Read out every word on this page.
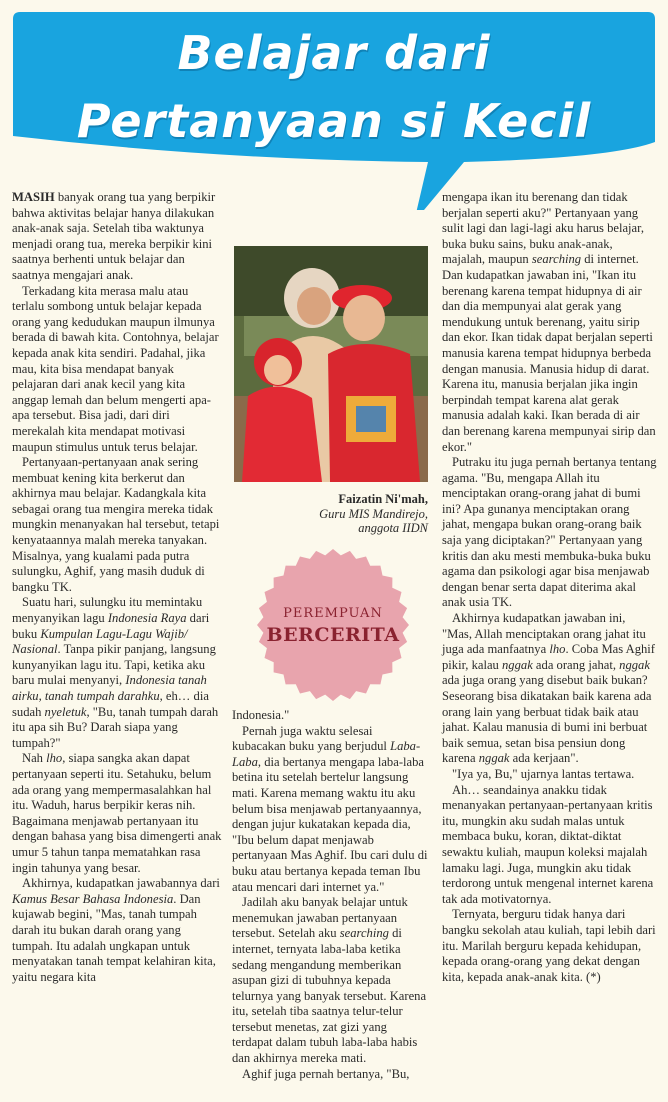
Belajar dari
Pertanyaan si Kecil

MASIH banyak orang tua yang berpikir bahwa aktivitas belajar hanya dilakukan anak-anak saja. Setelah tiba waktunya menjadi orang tua, mereka berpikir kini saatnya berhenti untuk belajar dan saatnya mengajari anak.

Terkadang kita merasa malu atau terlalu sombong untuk belajar kepada orang yang kedudukan maupun ilmunya berada di bawah kita. Contohnya, belajar kepada anak kita sendiri. Padahal, jika mau, kita bisa mendapat banyak pelajaran dari anak kecil yang kita anggap lemah dan belum mengerti apa-apa tersebut. Bisa jadi, dari diri merekalah kita mendapat motivasi maupun stimulus untuk terus belajar.

Pertanyaan-pertanyaan anak sering membuat kening kita berkerut dan akhirnya mau belajar. Kadangkala kita sebagai orang tua mengira mereka tidak mungkin menanyakan hal tersebut, tetapi kenyataannya malah mereka tanyakan. Misalnya, yang kualami pada putra sulungku, Aghif, yang masih duduk di bangku TK.

Suatu hari, sulungku itu memintaku menyanyikan lagu Indonesia Raya dari buku Kumpulan Lagu-Lagu Wajib/ Nasional. Tanpa pikir panjang, langsung kunyanyikan lagu itu. Tapi, ketika aku baru mulai menyanyi, Indonesia tanah airku, tanah tumpah darahku, eh… dia sudah nyeletuk, "Bu, tanah tumpah darah itu apa sih Bu? Darah siapa yang tumpah?"

Nah lho, siapa sangka akan dapat pertanyaan seperti itu. Setahuku, belum ada orang yang mempermasalahkan hal itu. Waduh, harus berpikir keras nih. Bagaimana menjawab pertanyaan itu dengan bahasa yang bisa dimengerti anak umur 5 tahun tanpa mematahkan rasa ingin tahunya yang besar.

Akhirnya, kudapatkan jawabannya dari Kamus Besar Bahasa Indonesia. Dan kujawab begini, "Mas, tanah tumpah darah itu bukan darah orang yang tumpah. Itu adalah ungkapan untuk menyatakan tanah tempat kelahiran kita, yaitu negara kita

Faizatin Ni'mah,
Guru MIS Mandirejo,
anggota IIDN
PEREMPUAN
BERCERITA

Indonesia."

Pernah juga waktu selesai kubacakan buku yang berjudul Laba-Laba, dia bertanya mengapa laba-laba betina itu setelah bertelur langsung mati. Karena memang waktu itu aku belum bisa menjawab pertanyaannya, dengan jujur kukatakan kepada dia, "Ibu belum dapat menjawab pertanyaan Mas Aghif. Ibu cari dulu di buku atau bertanya kepada teman Ibu atau mencari dari internet ya."

Jadilah aku banyak belajar untuk menemukan jawaban pertanyaan tersebut. Setelah aku searching di internet, ternyata laba-laba ketika sedang mengandung memberikan asupan gizi di tubuhnya kepada telurnya yang banyak tersebut. Karena itu, setelah tiba saatnya telur-telur tersebut menetas, zat gizi yang terdapat dalam tubuh laba-laba habis dan akhirnya mereka mati.

Aghif juga pernah bertanya, "Bu,

mengapa ikan itu berenang dan tidak berjalan seperti aku?" Pertanyaan yang sulit lagi dan lagi-lagi aku harus belajar, buka buku sains, buku anak-anak, majalah, maupun searching di internet. Dan kudapatkan jawaban ini, "Ikan itu berenang karena tempat hidupnya di air dan dia mempunyai alat gerak yang mendukung untuk berenang, yaitu sirip dan ekor. Ikan tidak dapat berjalan seperti manusia karena tempat hidupnya berbeda dengan manusia. Manusia hidup di darat. Karena itu, manusia berjalan jika ingin berpindah tempat karena alat gerak manusia adalah kaki. Ikan berada di air dan berenang karena mempunyai sirip dan ekor."

Putraku itu juga pernah bertanya tentang agama. "Bu, mengapa Allah itu menciptakan orang-orang jahat di bumi ini? Apa gunanya menciptakan orang jahat, mengapa bukan orang-orang baik saja yang diciptakan?" Pertanyaan yang kritis dan aku mesti membuka-buka buku agama dan psikologi agar bisa menjawab dengan benar serta dapat diterima akal anak usia TK.

Akhirnya kudapatkan jawaban ini, "Mas, Allah menciptakan orang jahat itu juga ada manfaatnya lho. Coba Mas Aghif pikir, kalau nggak ada orang jahat, nggak ada juga orang yang disebut baik bukan? Seseorang bisa dikatakan baik karena ada orang lain yang berbuat tidak baik atau jahat. Kalau manusia di bumi ini berbuat baik semua, setan bisa pensiun dong karena nggak ada kerjaan".

"Iya ya, Bu," ujarnya lantas tertawa.

Ah… seandainya anakku tidak menanyakan pertanyaan-pertanyaan kritis itu, mungkin aku sudah malas untuk membaca buku, koran, diktat-diktat sewaktu kuliah, maupun koleksi majalah lamaku lagi. Juga, mungkin aku tidak terdorong untuk mengenal internet karena tak ada motivatornya.

Ternyata, berguru tidak hanya dari bangku sekolah atau kuliah, tapi lebih dari itu. Marilah berguru kepada kehidupan, kepada orang-orang yang dekat dengan kita, kepada anak-anak kita. (*)
